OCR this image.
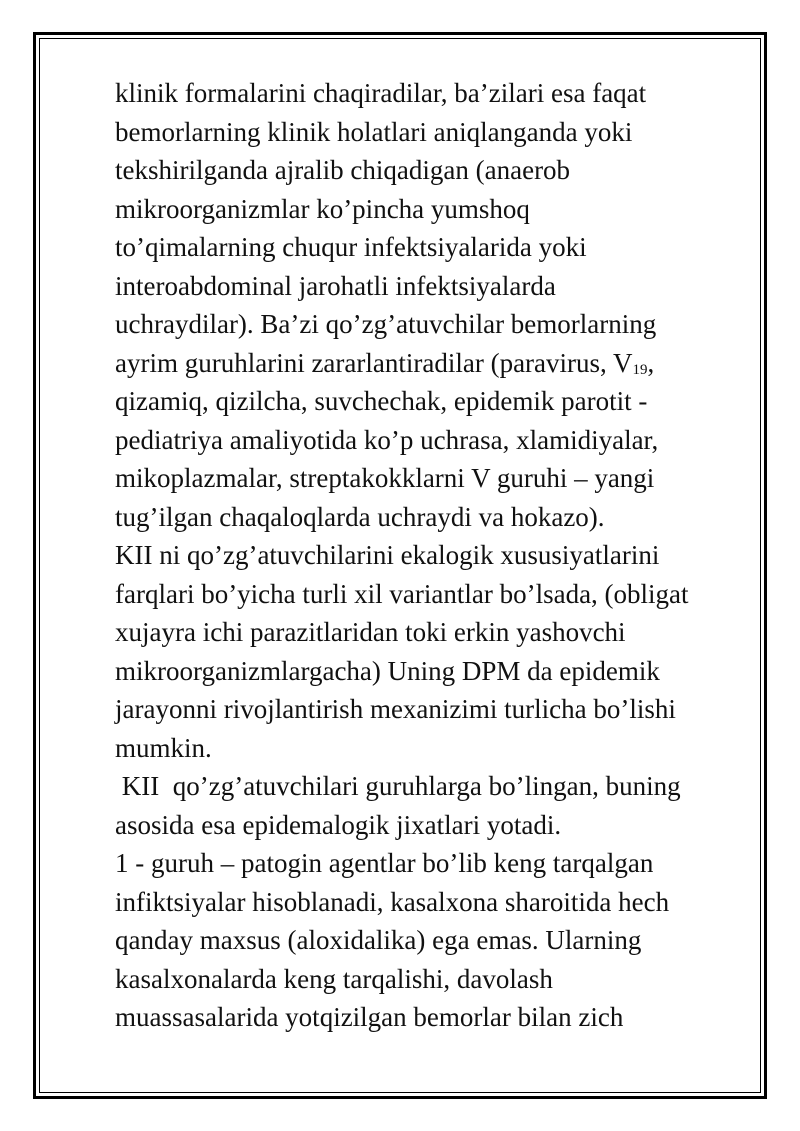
klinik formalarini chaqiradilar, ba’zilari esa faqat
bemorlarning klinik holatlari aniqlanganda yoki
tekshirilganda ajralib chiqadigan (anaerob
mikroorganizmlar ko’pincha yumshoq
to’qimalarning chuqur infektsiyalarida yoki
interoabdominal jarohatli infektsiyalarda
uchraydilar). Ba’zi qo’zg’atuvchilar bemorlarning
ayrim guruhlarini zararlantiradilar (paravirus, $V_{19}$,
qizamiq, qizilcha, suvchechak, epidemik parotit -
pediatriya amaliyotida ko’p uchrasa, xlamidiyalar,
mikoplazmalar, streptakokklarni V guruhi – yangi
tug’ilgan chaqaloqlarda uchraydi va hokazo).
KII ni qo’zg’atuvchilarini ekalogik xususiyatlarini
farqlari bo’yicha turli xil variantlar bo’lsada, (obligat
xujayra ichi parazitlaridan toki erkin yashovchi
mikroorganizmlargacha) Uning DPM da epidemik
jarayonni rivojlantirish mexanizimi turlicha bo’lishi
mumkin.
KII  qo’zg’atuvchilari guruhlarga bo’lingan, buning
asosida esa epidemalogik jixatlari yotadi.
1 - guruh – patogin agentlar bo’lib keng tarqalgan
infiktsiyalar hisoblanadi, kasalxona sharoitida hech
qanday maxsus (aloxidalika) ega emas. Ularning
kasalxonalarda keng tarqalishi, davolash
muassasalarida yotqizilgan bemorlar bilan zich
